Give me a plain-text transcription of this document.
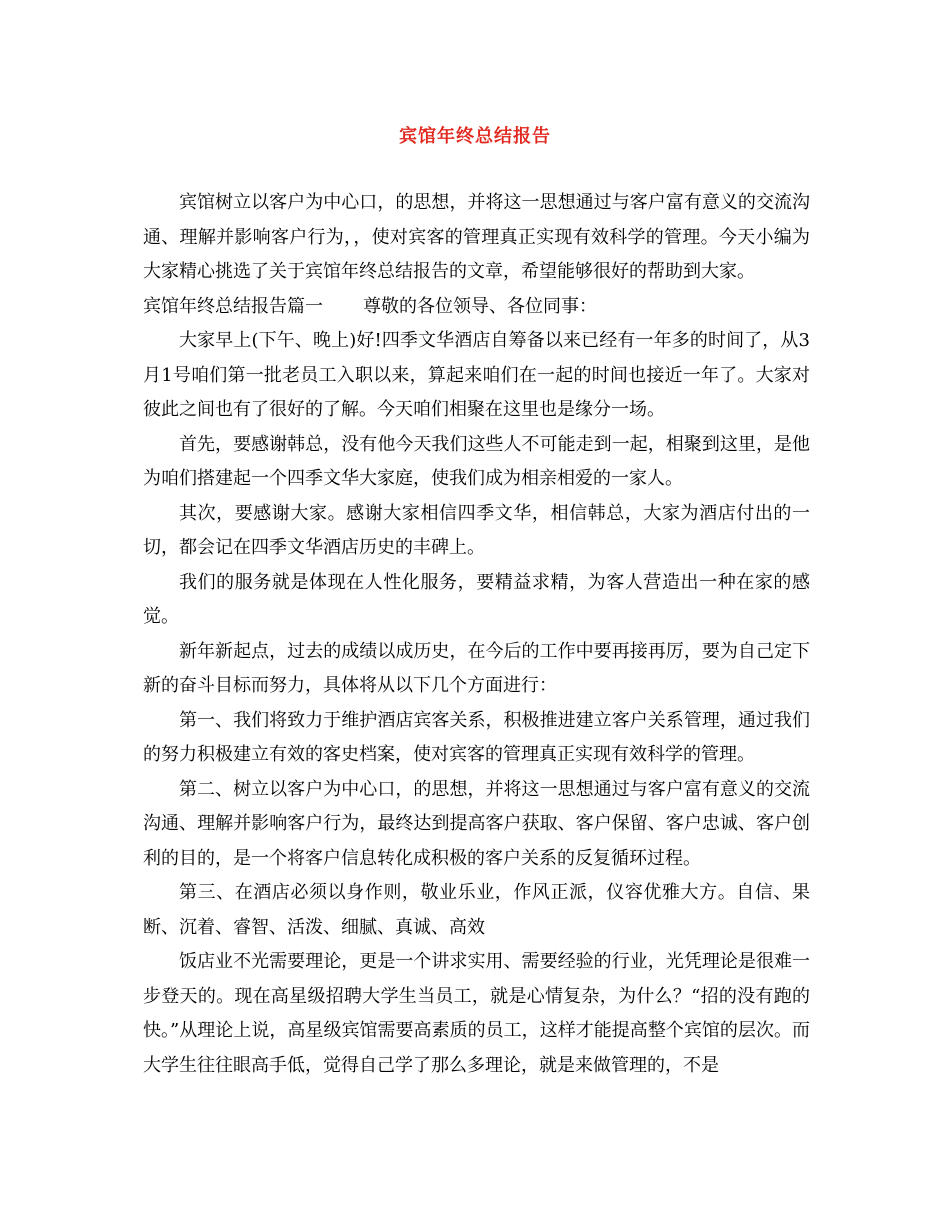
宾馆年终总结报告

宾馆树立以客户为中心口，的思想，并将这一思想通过与客户富有意义的交流沟通、理解并影响客户行为，，使对宾客的管理真正实现有效科学的管理。今天小编为大家精心挑选了关于宾馆年终总结报告的文章，希望能够很好的帮助到大家。

宾馆年终总结报告篇一 尊敬的各位领导、各位同事：

大家早上(下午、晚上)好!四季文华酒店自筹备以来已经有一年多的时间了，从3月1号咱们第一批老员工入职以来，算起来咱们在一起的时间也接近一年了。大家对彼此之间也有了很好的了解。今天咱们相聚在这里也是缘分一场。

首先，要感谢韩总，没有他今天我们这些人不可能走到一起，相聚到这里，是他为咱们搭建起一个四季文华大家庭，使我们成为相亲相爱的一家人。

其次，要感谢大家。感谢大家相信四季文华，相信韩总，大家为酒店付出的一切，都会记在四季文华酒店历史的丰碑上。

我们的服务就是体现在人性化服务，要精益求精，为客人营造出一种在家的感觉。

新年新起点，过去的成绩以成历史，在今后的工作中要再接再厉，要为自己定下新的奋斗目标而努力，具体将从以下几个方面进行：

第一、我们将致力于维护酒店宾客关系，积极推进建立客户关系管理，通过我们的努力积极建立有效的客史档案，使对宾客的管理真正实现有效科学的管理。

第二、树立以客户为中心口，的思想，并将这一思想通过与客户富有意义的交流沟通、理解并影响客户行为，最终达到提高客户获取、客户保留、客户忠诚、客户创利的目的，是一个将客户信息转化成积极的客户关系的反复循环过程。

第三、在酒店必须以身作则，敬业乐业，作风正派，仪容优雅大方。自信、果断、沉着、睿智、活泼、细腻、真诚、高效

饭店业不光需要理论，更是一个讲求实用、需要经验的行业，光凭理论是很难一步登天的。现在高星级招聘大学生当员工，就是心情复杂，为什么？“招的没有跑的快。”从理论上说，高星级宾馆需要高素质的员工，这样才能提高整个宾馆的层次。而大学生往往眼高手低，觉得自己学了那么多理论，就是来做管理的，不是
